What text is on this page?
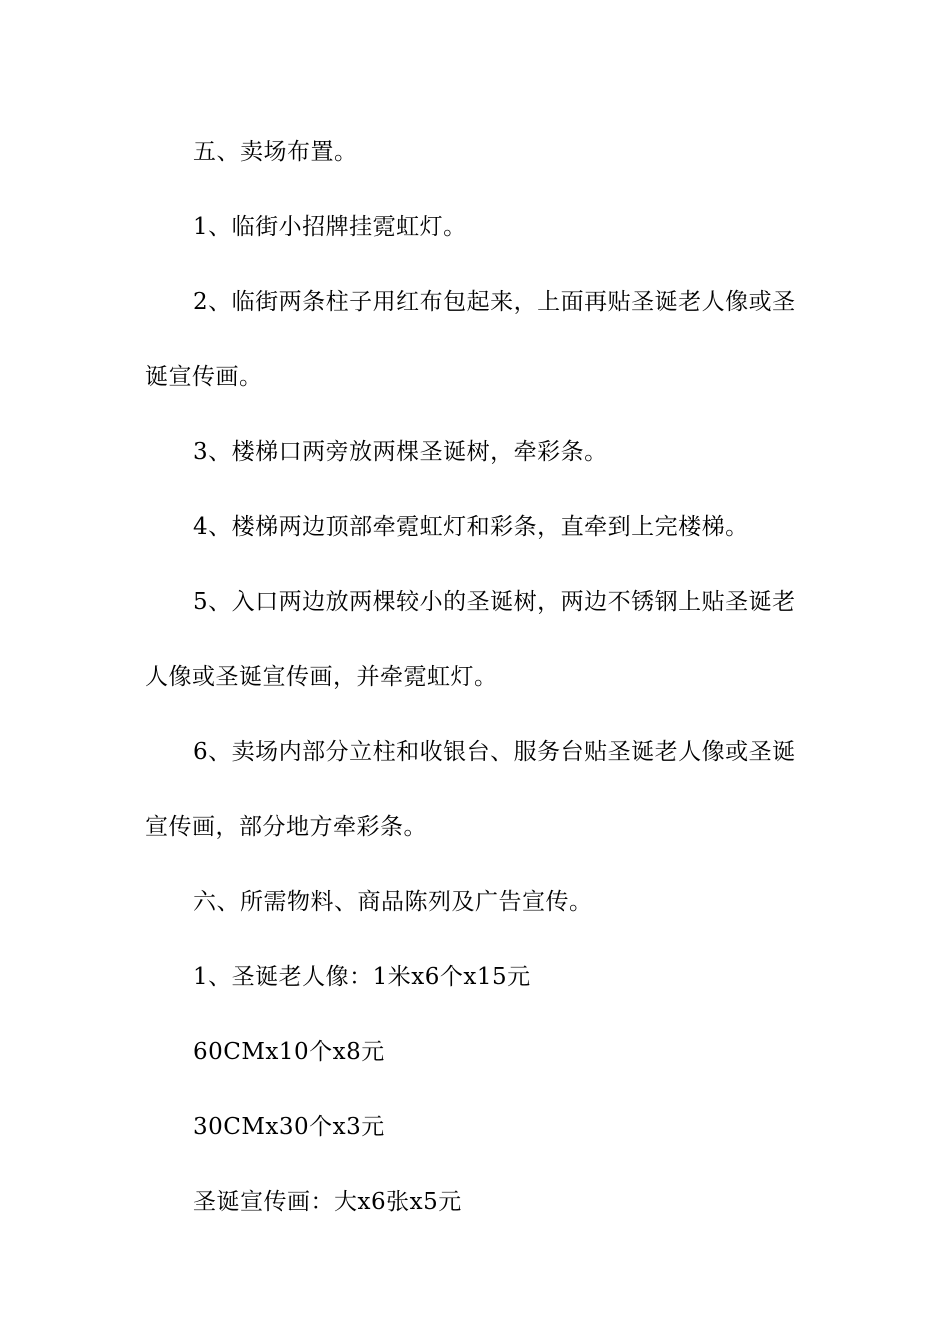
五、卖场布置。
1、临街小招牌挂霓虹灯。
2、临街两条柱子用红布包起来，上面再贴圣诞老人像或圣
诞宣传画。
3、楼梯口两旁放两棵圣诞树，牵彩条。
4、楼梯两边顶部牵霓虹灯和彩条，直牵到上完楼梯。
5、入口两边放两棵较小的圣诞树，两边不锈钢上贴圣诞老
人像或圣诞宣传画，并牵霓虹灯。
6、卖场内部分立柱和收银台、服务台贴圣诞老人像或圣诞
宣传画，部分地方牵彩条。
六、所需物料、商品陈列及广告宣传。
1、圣诞老人像：1米x6个x15元
60CMx10个x8元
30CMx30个x3元
圣诞宣传画：大x6张x5元
